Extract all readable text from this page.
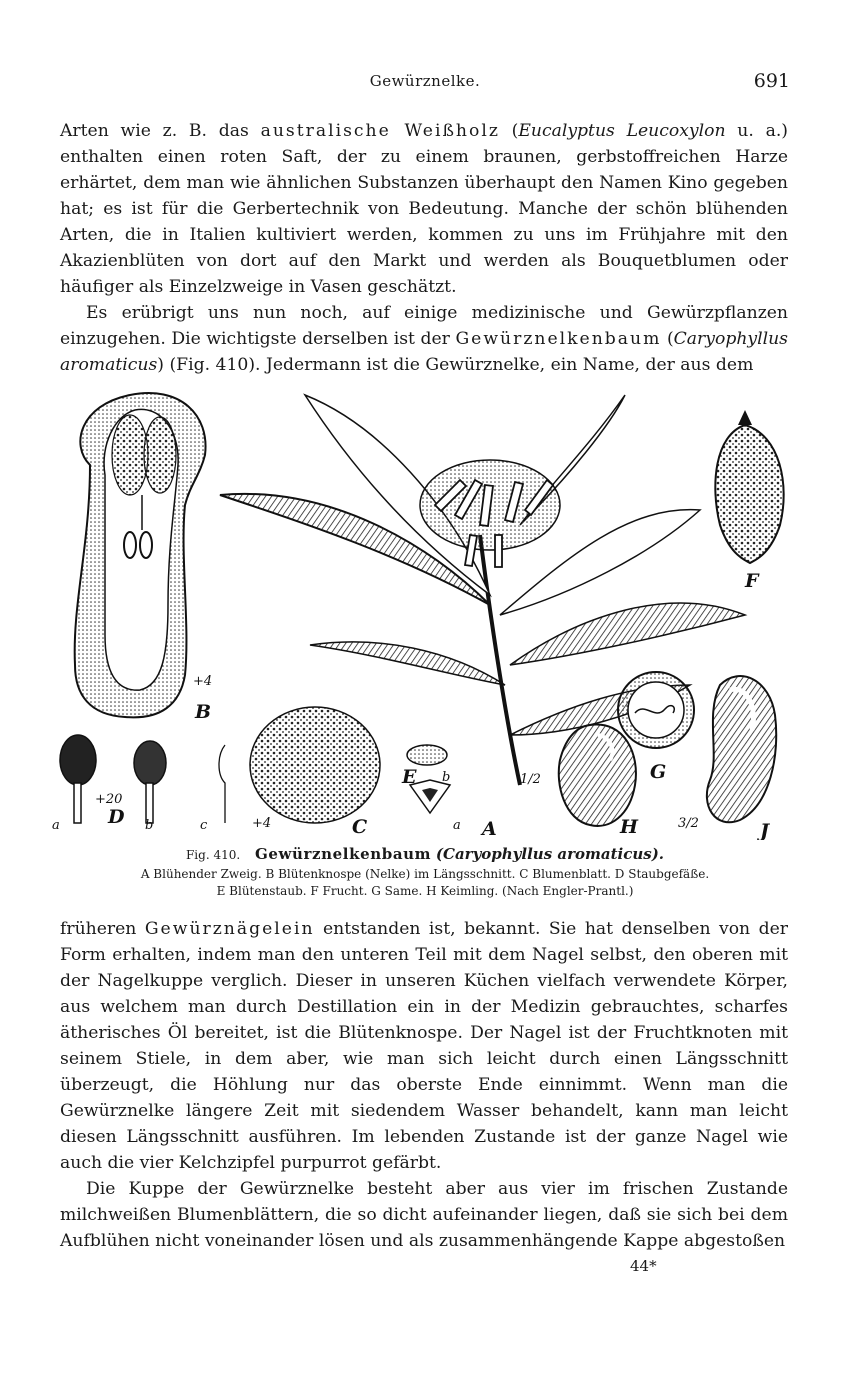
Gewürznelke.	691

Arten wie z. B. das australische Weißholz (Eucalyptus Leucoxylon u. a.) enthalten einen roten Saft, der zu einem braunen, gerbstoffreichen Harze erhärtet, dem man wie ähnlichen Substanzen überhaupt den Namen Kino gegeben hat; es ist für die Gerbertechnik von Bedeutung. Manche der schön blühenden Arten, die in Italien kultiviert werden, kommen zu uns im Frühjahre mit den Akazienblüten von dort auf den Markt und werden als Bouquetblumen oder häufiger als Einzelzweige in Vasen geschätzt.

Es erübrigt uns nun noch, auf einige medizinische und Gewürzpflanzen einzugehen. Die wichtigste derselben ist der Gewürznelkenbaum (Caryophyllus aromaticus) (Fig. 410). Jedermann ist die Gewürznelke, ein Name, der aus dem

B
+4
A
1/2
F
D
+20
a	b	c	C
+4
E b
a	H
G
J
3/2
Fig. 410. Gewürznelkenbaum (Caryophyllus aromaticus).
A Blühender Zweig. B Blütenknospe (Nelke) im Längsschnitt. C Blumenblatt. D Staubgefäße.
E Blütenstaub. F Frucht. G Same. H Keimling. (Nach Engler-Prantl.)

früheren Gewürznägelein entstanden ist, bekannt. Sie hat denselben von der Form erhalten, indem man den unteren Teil mit dem Nagel selbst, den oberen mit der Nagelkuppe verglich. Dieser in unseren Küchen vielfach verwendete Körper, aus welchem man durch Destillation ein in der Medizin gebrauchtes, scharfes ätherisches Öl bereitet, ist die Blütenknospe. Der Nagel ist der Fruchtknoten mit seinem Stiele, in dem aber, wie man sich leicht durch einen Längsschnitt überzeugt, die Höhlung nur das oberste Ende einnimmt. Wenn man die Gewürznelke längere Zeit mit siedendem Wasser behandelt, kann man leicht diesen Längsschnitt ausführen. Im lebenden Zustande ist der ganze Nagel wie auch die vier Kelchzipfel purpurrot gefärbt.

Die Kuppe der Gewürznelke besteht aber aus vier im frischen Zustande milchweißen Blumenblättern, die so dicht aufeinander liegen, daß sie sich bei dem Aufblühen nicht voneinander lösen und als zusammenhängende Kappe abgestoßen

44*
